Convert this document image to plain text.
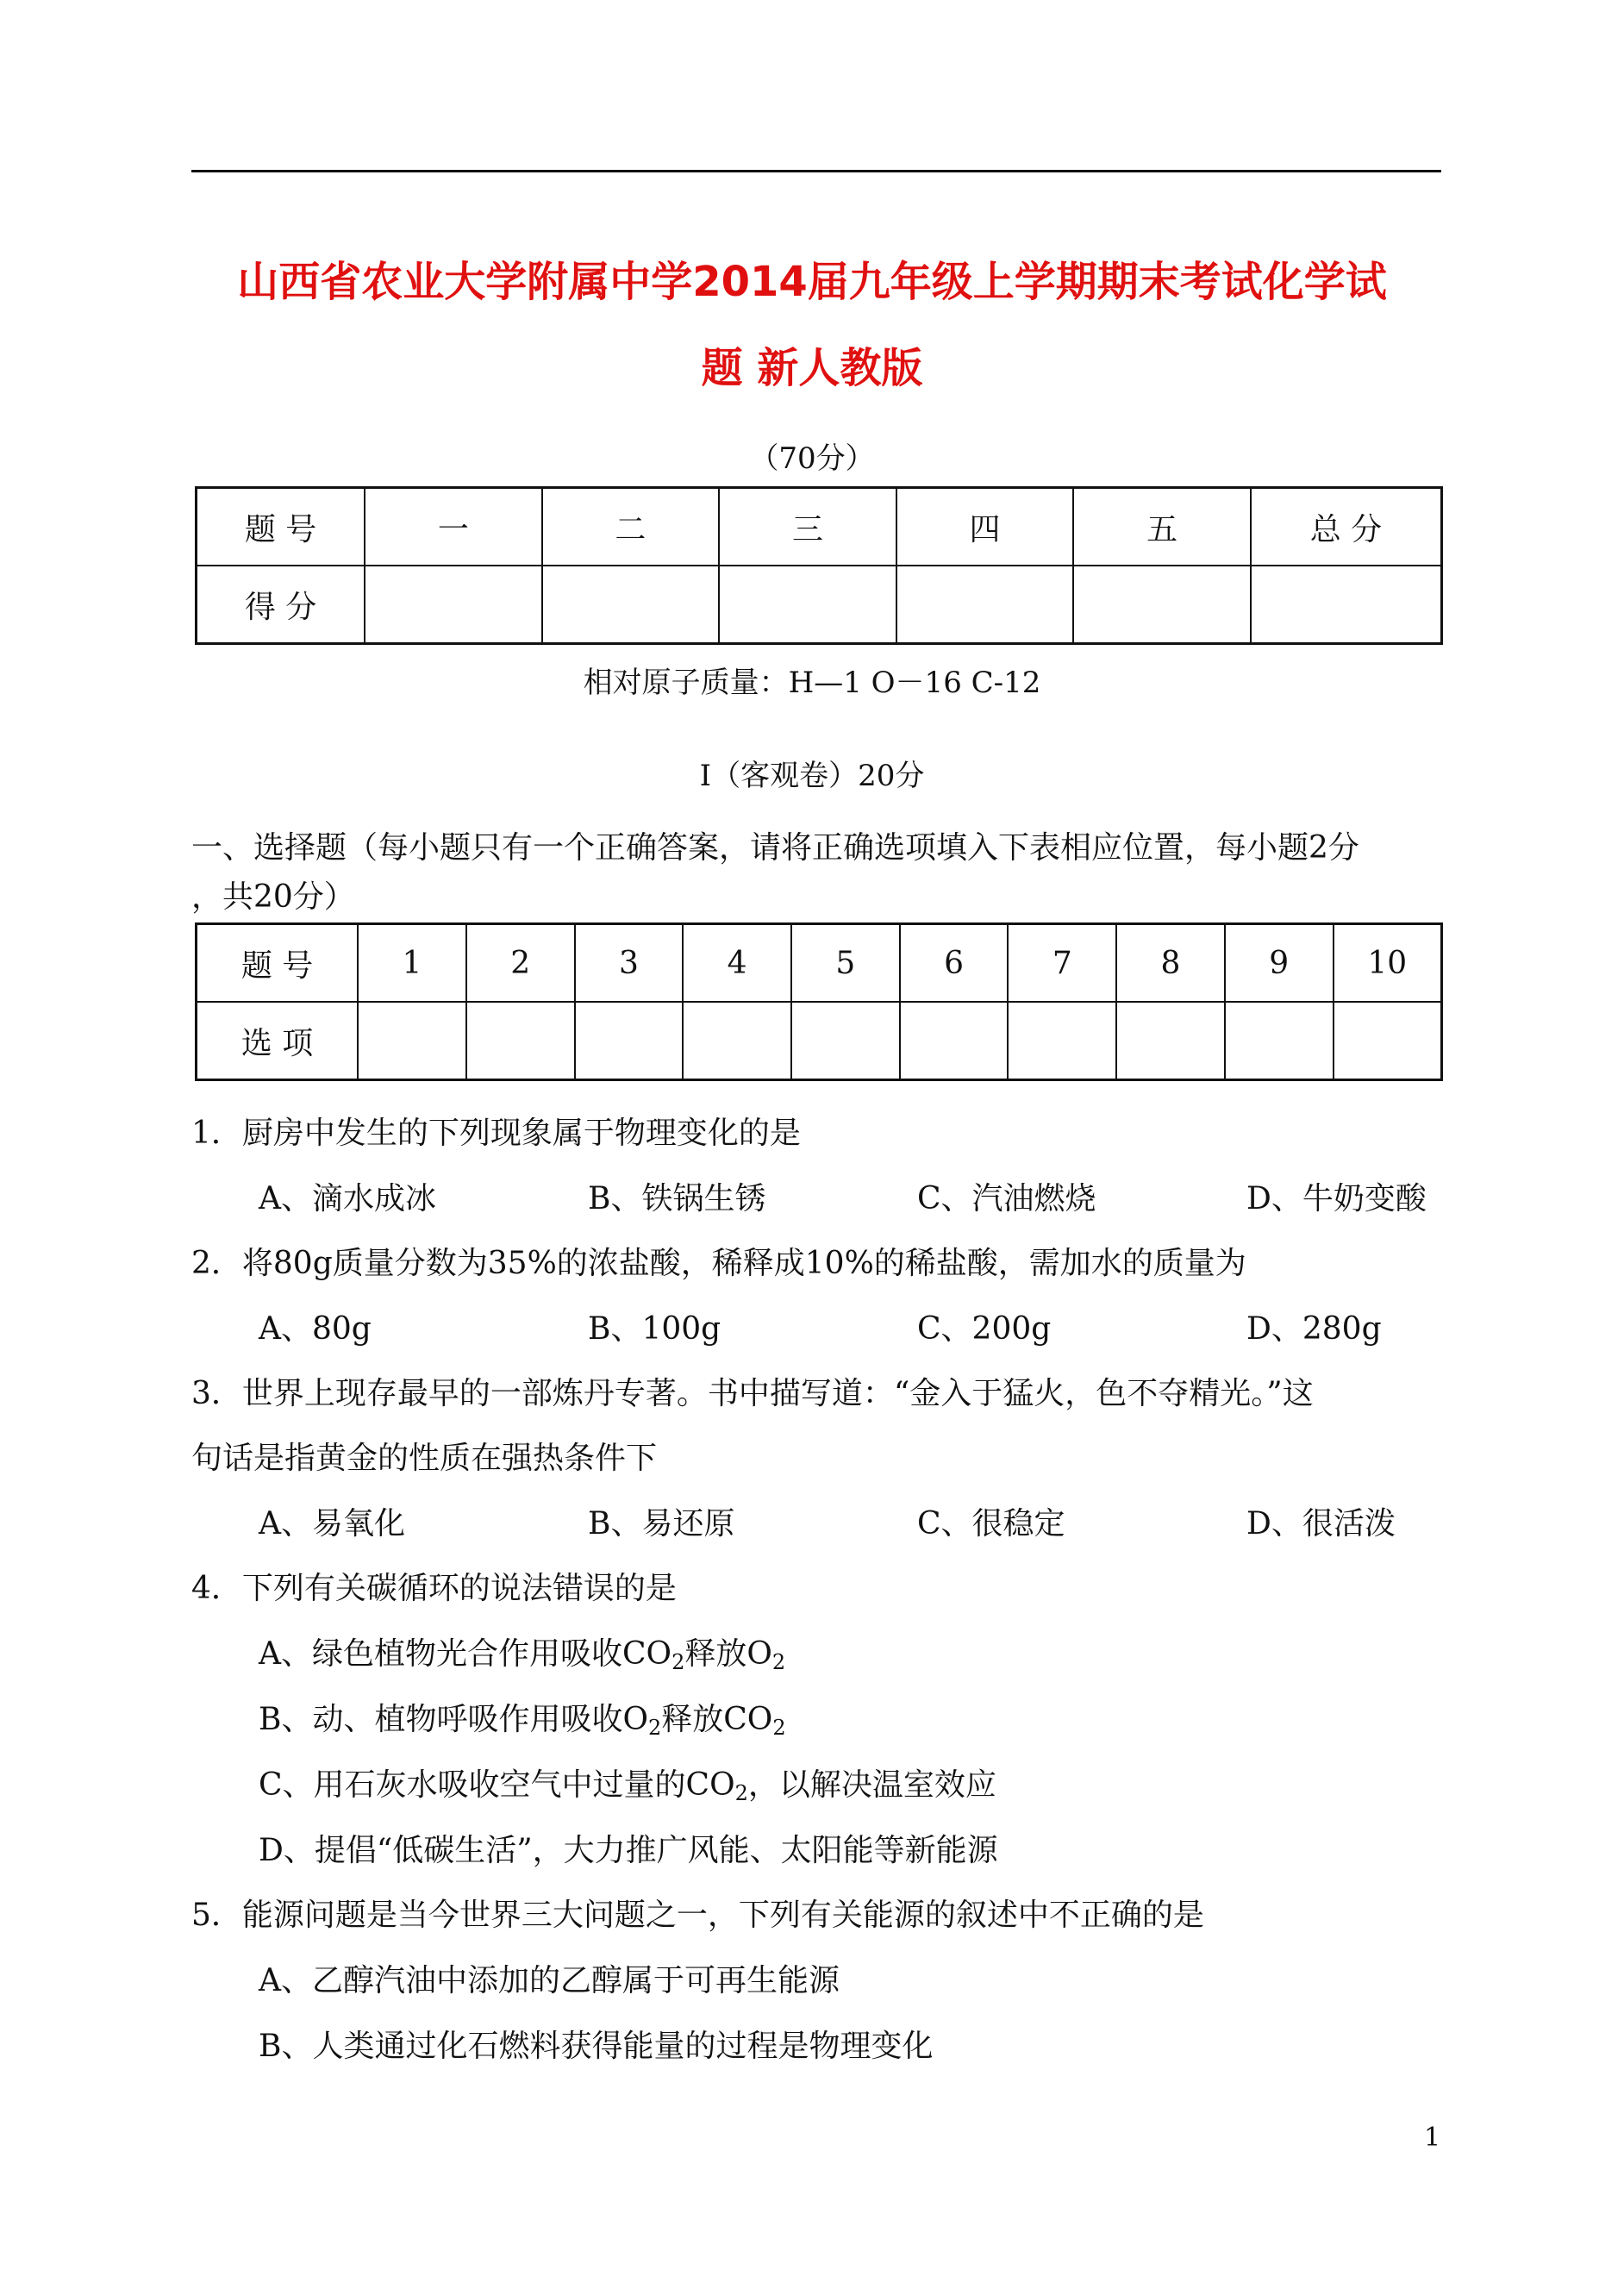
山西省农业大学附属中学2014届九年级上学期期末考试化学试
题 新人教版
（70分）
题 号	一	二	三	四	五	总 分
得 分						
相对原子质量：H—1 O－16 C-12
Ⅰ（客观卷）20分
一、选择题（每小题只有一个正确答案，请将正确选项填入下表相应位置，每小题2分
，共20分）
题 号	1	2	3	4	5	6	7	8	9	10
选 项										
1．厨房中发生的下列现象属于物理变化的是
A、滴水成冰	B、铁锅生锈	C、汽油燃烧	D、牛奶变酸
2．将80g质量分数为35%的浓盐酸，稀释成10%的稀盐酸，需加水的质量为
A、80g	B、100g	C、200g	D、280g
3．世界上现存最早的一部炼丹专著。书中描写道：“金入于猛火，色不夺精光。”这
句话是指黄金的性质在强热条件下
A、易氧化	B、易还原	C、很稳定	D、很活泼
4．下列有关碳循环的说法错误的是
A、绿色植物光合作用吸收$CO_2$释放$O_2$
B、动、植物呼吸作用吸收$O_2$释放$CO_2$
C、用石灰水吸收空气中过量的$CO_2$，以解决温室效应
D、提倡“低碳生活”，大力推广风能、太阳能等新能源
5．能源问题是当今世界三大问题之一，下列有关能源的叙述中不正确的是
A、乙醇汽油中添加的乙醇属于可再生能源
B、人类通过化石燃料获得能量的过程是物理变化
1
